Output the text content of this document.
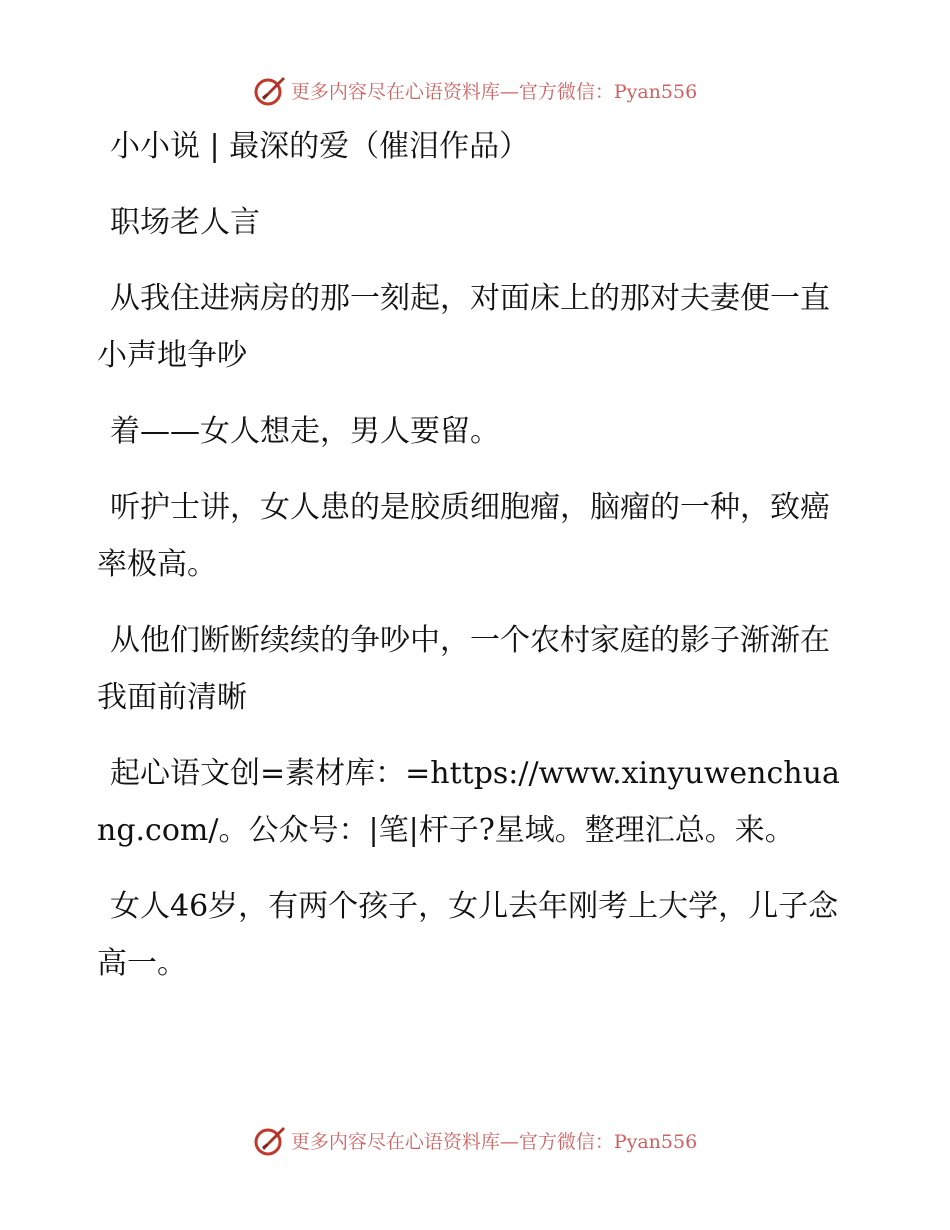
更多内容尽在心语资料库—官方微信：Pyan556

小小说 | 最深的爱（催泪作品）

职场老人言

从我住进病房的那一刻起，对面床上的那对夫妻便一直小声地争吵

着——女人想走，男人要留。

听护士讲，女人患的是胶质细胞瘤，脑瘤的一种，致癌率极高。

从他们断断续续的争吵中，一个农村家庭的影子渐渐在我面前清晰

起心语文创=素材库：=https://www.xinyuwenchuang.com/。公众号：|笔|杆子?星域。整理汇总。来。

女人46岁，有两个孩子，女儿去年刚考上大学，儿子念高一。

更多内容尽在心语资料库—官方微信：Pyan556
